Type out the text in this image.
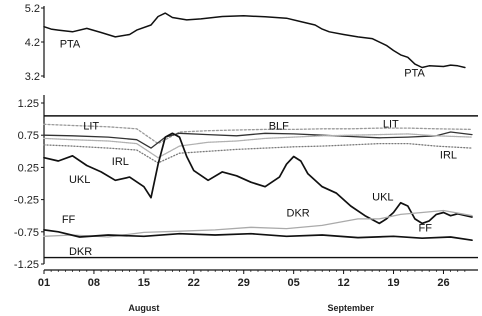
5.2
4.2
3.2
PTA
PTA
1.25
0.75
0.25
-0.25
-0.75
-1.25
01	08	15	22	29	05	12	19	26
August	September
LIT	LIT
BLF
IRL
IRL
UKL
UKL
DKR
DKR
FF
FF
